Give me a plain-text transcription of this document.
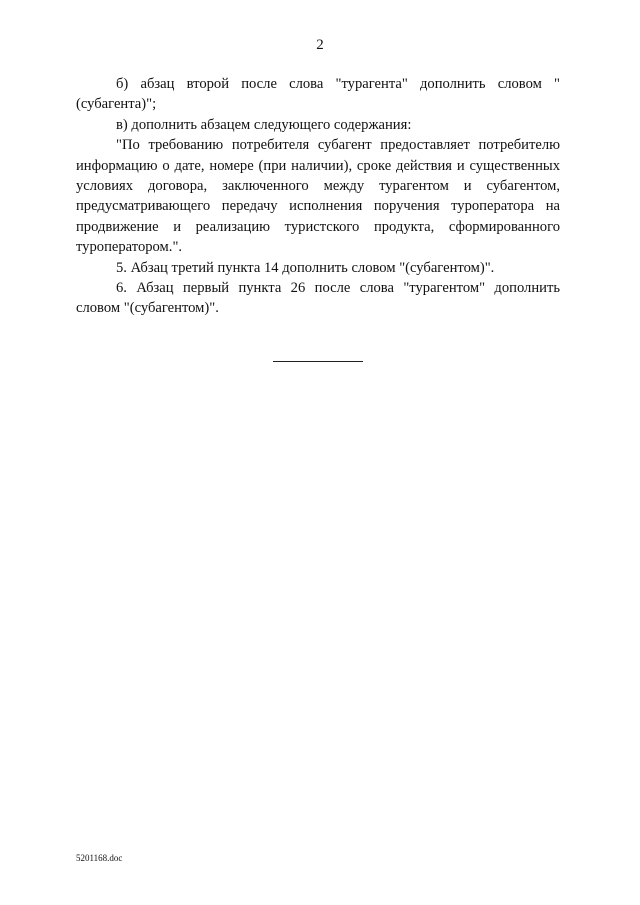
2

б) абзац второй после слова "турагента" дополнить словом "(субагента)";

в) дополнить абзацем следующего содержания:

"По требованию потребителя субагент предоставляет потребителю информацию о дате, номере (при наличии), сроке действия и существенных условиях договора, заключенного между турагентом и субагентом, предусматривающего передачу исполнения поручения туроператора на продвижение и реализацию туристского продукта, сформированного туроператором.".

5. Абзац третий пункта 14 дополнить словом "(субагентом)".

6. Абзац первый пункта 26 после слова "турагентом" дополнить словом "(субагентом)".

5201168.doc
